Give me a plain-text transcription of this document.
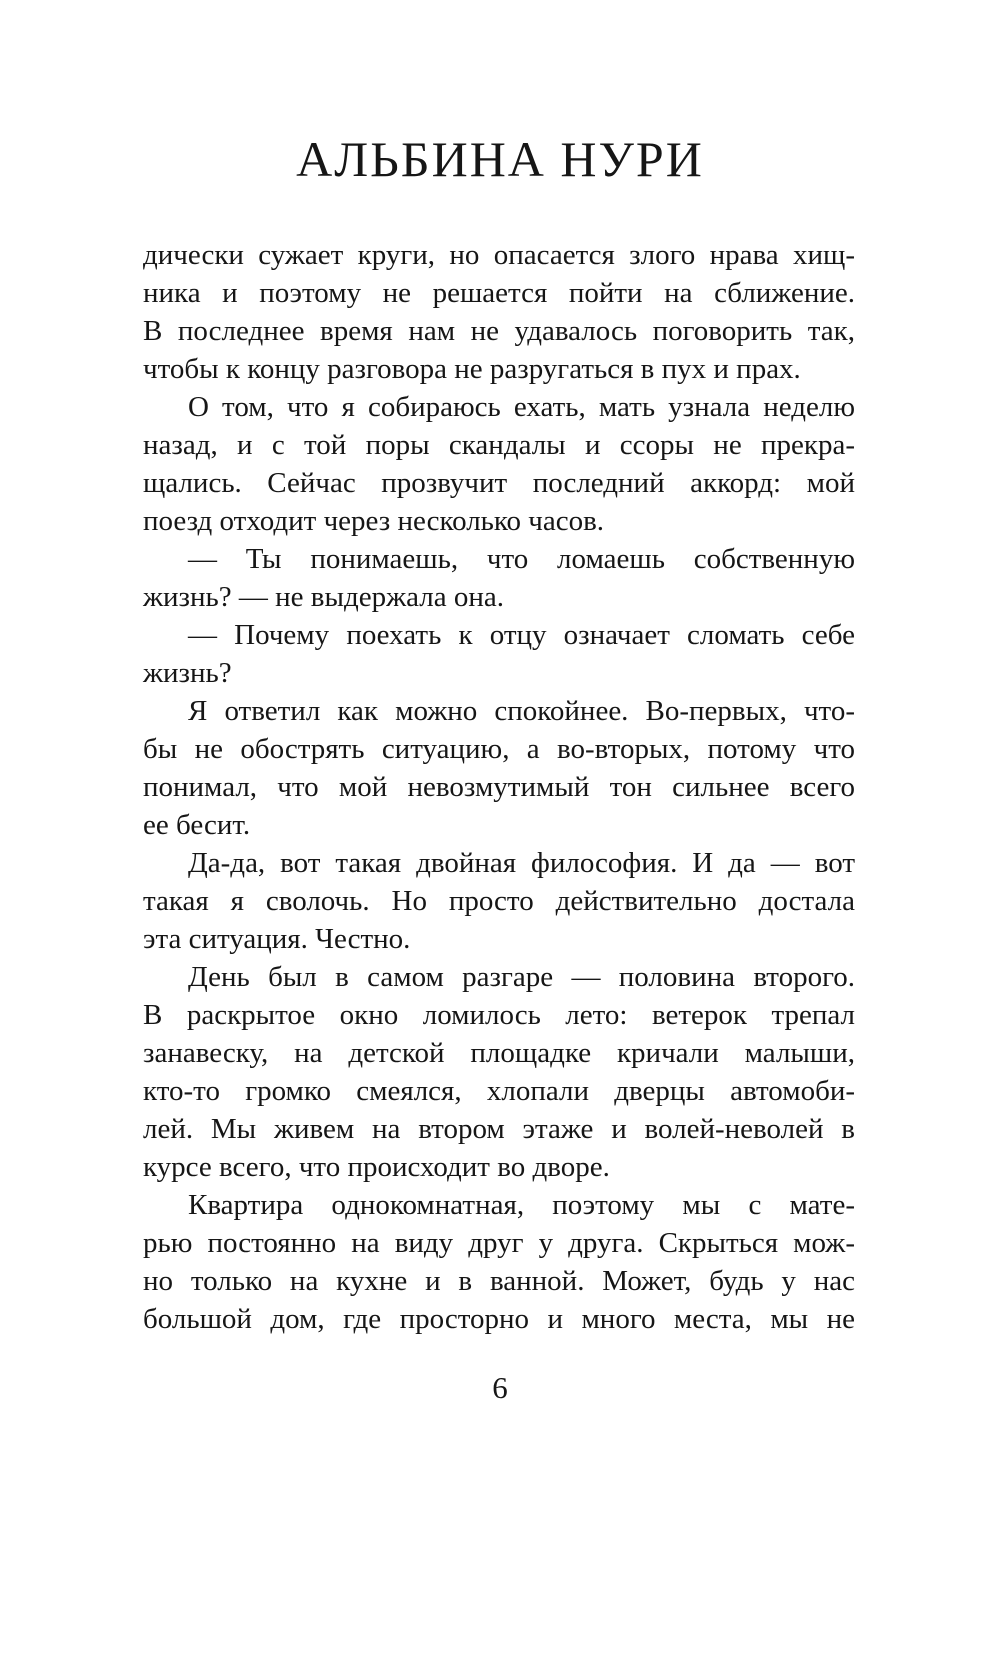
АЛЬБИНА НУРИ
дически сужает круги, но опасается злого нрава хищ-
ника и поэтому не решается пойти на сближение.
В последнее время нам не удавалось поговорить так,
чтобы к концу разговора не разругаться в пух и прах.
О том, что я собираюсь ехать, мать узнала неделю
назад, и с той поры скандалы и ссоры не прекра-
щались. Сейчас прозвучит последний аккорд: мой
поезд отходит через несколько часов.
— Ты понимаешь, что ломаешь собственную
жизнь? — не выдержала она.
— Почему поехать к отцу означает сломать себе
жизнь?
Я ответил как можно спокойнее. Во-первых, что-
бы не обострять ситуацию, а во-вторых, потому что
понимал, что мой невозмутимый тон сильнее всего
ее бесит.
Да-да, вот такая двойная философия. И да — вот
такая я сволочь. Но просто действительно достала
эта ситуация. Честно.
День был в самом разгаре — половина второго.
В раскрытое окно ломилось лето: ветерок трепал
занавеску, на детской площадке кричали малыши,
кто-то громко смеялся, хлопали дверцы автомоби-
лей. Мы живем на втором этаже и волей-неволей в
курсе всего, что происходит во дворе.
Квартира однокомнатная, поэтому мы с мате-
рью постоянно на виду друг у друга. Скрыться мож-
но только на кухне и в ванной. Может, будь у нас
большой дом, где просторно и много места, мы не
6
